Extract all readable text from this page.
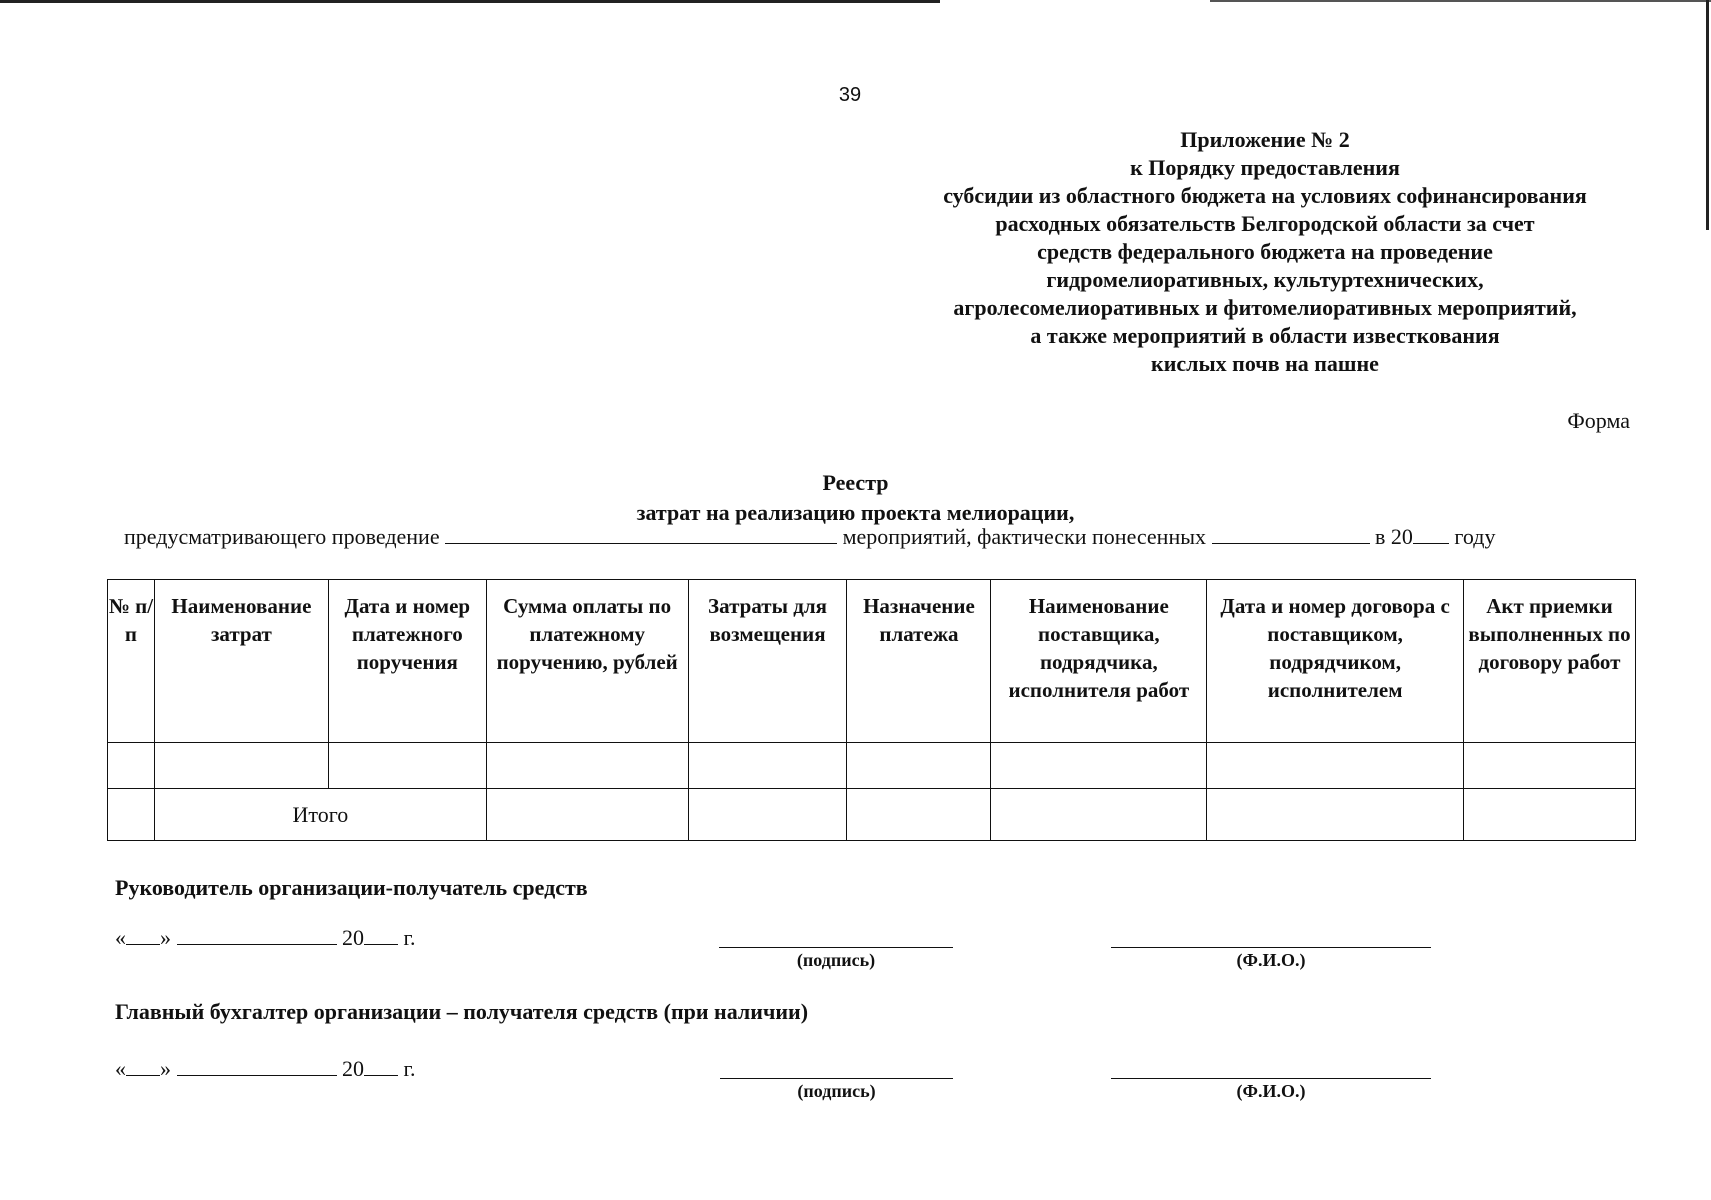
39
Приложение № 2
к Порядку предоставления
субсидии из областного бюджета на условиях софинансирования
расходных обязательств Белгородской области за счет
средств федерального бюджета на проведение
гидромелиоративных, культуртехнических,
агролесомелиоративных и фитомелиоративных мероприятий,
а также мероприятий в области известкования
кислых почв на пашне
Форма
Реестр
затрат на реализацию проекта мелиорации,
предусматривающего проведение	мероприятий, фактически понесенных	в 20 году
№ п/п	Наименование затрат	Дата и номер платежного поручения	Сумма оплаты по платежному поручению, рублей	Затраты для возмещения	Назначение платежа	Наименование поставщика, подрядчика, исполнителя работ	Дата и номер договора с поставщиком, подрядчиком, исполнителем	Акт приемки выполненных по договору работ

	Итого							
Руководитель организации-получатель средств
« »	20 г.
(подпись)	(Ф.И.О.)
Главный бухгалтер организации – получателя средств (при наличии)
« »	20 г.
(подпись)	(Ф.И.О.)
